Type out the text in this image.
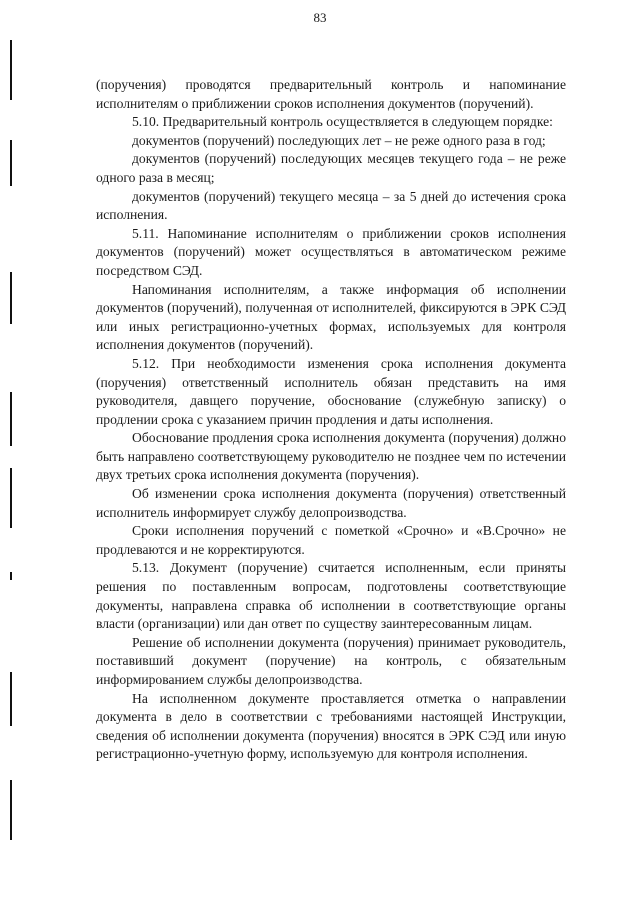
83

(поручения) проводятся предварительный контроль и напоминание исполнителям о приближении сроков исполнения документов (поручений).

5.10. Предварительный контроль осуществляется в следующем порядке:

документов (поручений) последующих лет – не реже одного раза в год;

документов (поручений) последующих месяцев текущего года – не реже одного раза в месяц;

документов (поручений) текущего месяца – за 5 дней до истечения срока исполнения.

5.11. Напоминание исполнителям о приближении сроков исполнения документов (поручений) может осуществляться в автоматическом режиме посредством СЭД.

Напоминания исполнителям, а также информация об исполнении документов (поручений), полученная от исполнителей, фиксируются в ЭРК СЭД или иных регистрационно-учетных формах, используемых для контроля исполнения документов (поручений).

5.12. При необходимости изменения срока исполнения документа (поручения) ответственный исполнитель обязан представить на имя руководителя, давщего поручение, обоснование (служебную записку) о продлении срока с указанием причин продления и даты исполнения.

Обоснование продления срока исполнения документа (поручения) должно быть направлено соответствующему руководителю не позднее чем по истечении двух третьих срока исполнения документа (поручения).

Об изменении срока исполнения документа (поручения) ответственный исполнитель информирует службу делопроизводства.

Сроки исполнения поручений с пометкой «Срочно» и «В.Срочно» не продлеваются и не корректируются.

5.13. Документ (поручение) считается исполненным, если приняты решения по поставленным вопросам, подготовлены соответствующие документы, направлена справка об исполнении в соответствующие органы власти (организации) или дан ответ по существу заинтересованным лицам.

Решение об исполнении документа (поручения) принимает руководитель, поставивший документ (поручение) на контроль, с обязательным информированием службы делопроизводства.

На исполненном документе проставляется отметка о направлении документа в дело в соответствии с требованиями настоящей Инструкции, сведения об исполнении документа (поручения) вносятся в ЭРК СЭД или иную регистрационно-учетную форму, используемую для контроля исполнения.
